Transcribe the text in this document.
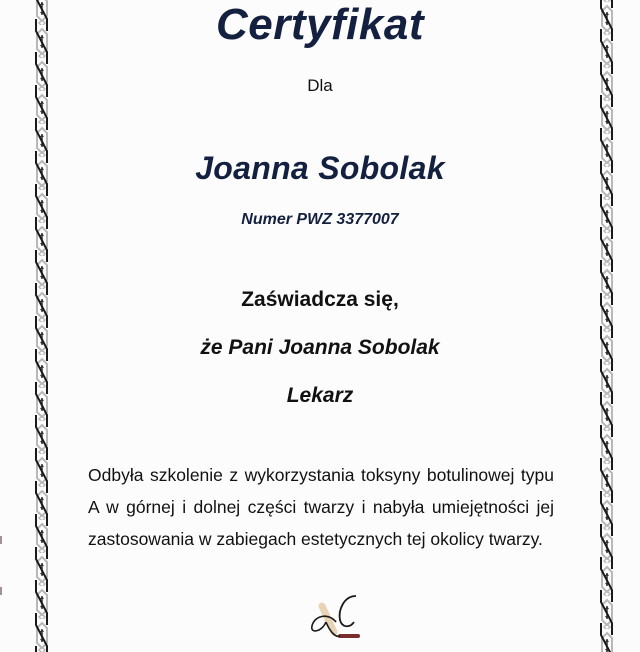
Certyfikat
Dla
Joanna Sobolak
Numer PWZ 3377007
Zaświadcza się,
że Pani Joanna Sobolak
Lekarz
Odbyła szkolenie z wykorzystania toksyny botulinowej typu A w górnej i dolnej części twarzy i nabyła umiejętności jej zastosowania w zabiegach estetycznych tej okolicy twarzy.
